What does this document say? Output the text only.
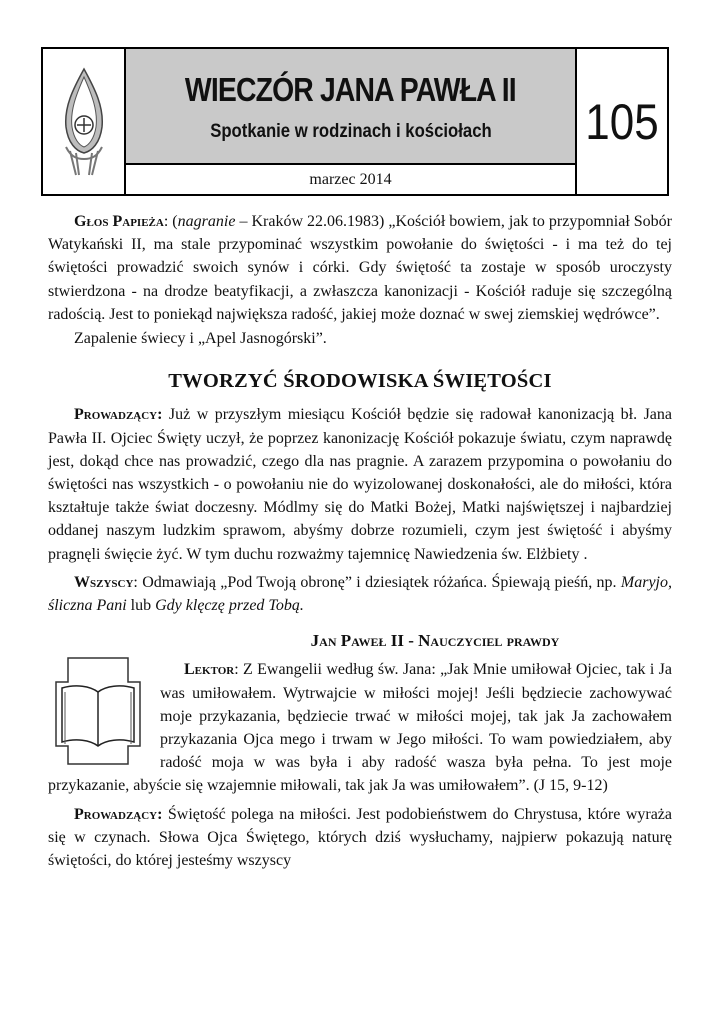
WIECZÓR JANA PAWŁA II
Spotkanie w rodzinach i kościołach
marzec 2014
105

Głos Papieża: (nagranie – Kraków 22.06.1983) „Kościół bowiem, jak to przypomniał Sobór Watykański II, ma stale przypominać wszystkim powołanie do świętości - i ma też do tej świętości prowadzić swoich synów i córki. Gdy świętość ta zostaje w sposób uroczysty stwierdzona - na drodze beatyfikacji, a zwłaszcza kanonizacji - Kościół raduje się szczególną radością. Jest to poniekąd największa radość, jakiej może doznać w swej ziemskiej wędrówce”.

Zapalenie świecy i „Apel Jasnogórski”.

TWORZYĆ ŚRODOWISKA ŚWIĘTOŚCI

Prowadzący: Już w przyszłym miesiącu Kościół będzie się radował kanonizacją bł. Jana Pawła II. Ojciec Święty uczył, że poprzez kanonizację Kościół pokazuje światu, czym naprawdę jest, dokąd chce nas prowadzić, czego dla nas pragnie. A zarazem przypomina o powołaniu do świętości nas wszystkich - o powołaniu nie do wyizolowanej doskonałości, ale do miłości, która kształtuje także świat doczesny. Módlmy się do Matki Bożej, Matki najświętszej i najbardziej oddanej naszym ludzkim sprawom, abyśmy dobrze rozumieli, czym jest świętość i abyśmy pragnęli święcie żyć. W tym duchu rozważmy tajemnicę Nawiedzenia św. Elżbiety .

Wszyscy: Odmawiają „Pod Twoją obronę” i dziesiątek różańca. Śpiewają pieśń, np. Maryjo, śliczna Pani lub Gdy klęczę przed Tobą.

Jan Paweł II - Nauczyciel prawdy

Lektor: Z Ewangelii według św. Jana: „Jak Mnie umiłował Ojciec, tak i Ja was umiłowałem. Wytrwajcie w miłości mojej! Jeśli będziecie zachowywać moje przykazania, będziecie trwać w miłości mojej, tak jak Ja zachowałem przykazania Ojca mego i trwam w Jego miłości. To wam powiedziałem, aby radość moja w was była i aby radość wasza była pełna. To jest moje przykazanie, abyście się wzajemnie miłowali, tak jak Ja was umiłowałem”. (J 15, 9-12)

Prowadzący: Świętość polega na miłości. Jest podobieństwem do Chrystusa, które wyraża się w czynach. Słowa Ojca Świętego, których dziś wysłuchamy, najpierw pokazują naturę świętości, do której jesteśmy wszyscy
